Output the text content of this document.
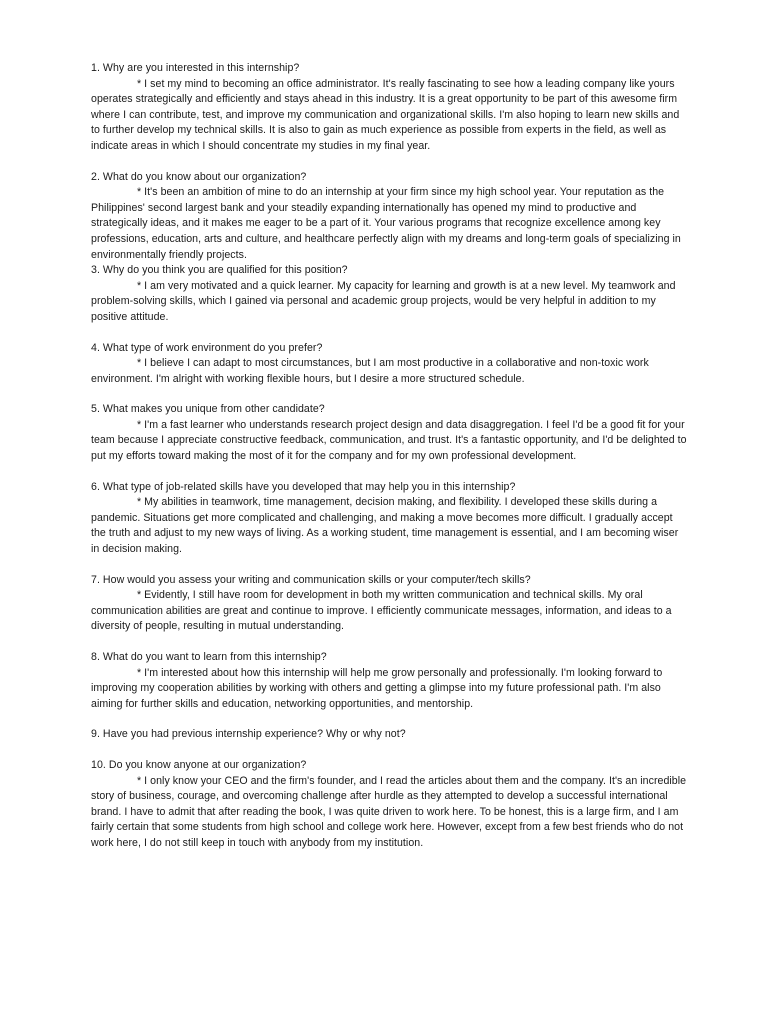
1. Why are you interested in this internship?
* I set my mind to becoming an office administrator. It's really fascinating to see how a leading company like yours operates strategically and efficiently and stays ahead in this industry. It is a great opportunity to be part of this awesome firm where I can contribute, test, and improve my communication and organizational skills. I'm also hoping to learn new skills and to further develop my technical skills. It is also to gain as much experience as possible from experts in the field, as well as indicate areas in which I should concentrate my studies in my final year.
2. What do you know about our organization?
* It's been an ambition of mine to do an internship at your firm since my high school year. Your reputation as the Philippines' second largest bank and your steadily expanding internationally has opened my mind to productive and strategically ideas, and it makes me eager to be a part of it. Your various programs that recognize excellence among key professions, education, arts and culture, and healthcare perfectly align with my dreams and long-term goals of specializing in environmentally friendly projects.
3. Why do you think you are qualified for this position?
* I am very motivated and a quick learner. My capacity for learning and growth is at a new level. My teamwork and problem-solving skills, which I gained via personal and academic group projects, would be very helpful in addition to my positive attitude.
4. What type of work environment do you prefer?
* I believe I can adapt to most circumstances, but I am most productive in a collaborative and non-toxic work environment. I'm alright with working flexible hours, but I desire a more structured schedule.
5. What makes you unique from other candidate?
* I'm a fast learner who understands research project design and data disaggregation. I feel I'd be a good fit for your team because I appreciate constructive feedback, communication, and trust. It's a fantastic opportunity, and I'd be delighted to put my efforts toward making the most of it for the company and for my own professional development.
6. What type of job-related skills have you developed that may help you in this internship?
* My abilities in teamwork, time management, decision making, and flexibility. I developed these skills during a pandemic. Situations get more complicated and challenging, and making a move becomes more difficult. I gradually accept the truth and adjust to my new ways of living. As a working student, time management is essential, and I am becoming wiser in decision making.
7. How would you assess your writing and communication skills or your computer/tech skills?
* Evidently, I still have room for development in both my written communication and technical skills. My oral communication abilities are great and continue to improve. I efficiently communicate messages, information, and ideas to a diversity of people, resulting in mutual understanding.
8. What do you want to learn from this internship?
* I'm interested about how this internship will help me grow personally and professionally. I'm looking forward to improving my cooperation abilities by working with others and getting a glimpse into my future professional path. I'm also aiming for further skills and education, networking opportunities, and mentorship.
9. Have you had previous internship experience? Why or why not?
10. Do you know anyone at our organization?
* I only know your CEO and the firm's founder, and I read the articles about them and the company. It's an incredible story of business, courage, and overcoming challenge after hurdle as they attempted to develop a successful international brand. I have to admit that after reading the book, I was quite driven to work here. To be honest, this is a large firm, and I am fairly certain that some students from high school and college work here. However, except from a few best friends who do not work here, I do not still keep in touch with anybody from my institution.
